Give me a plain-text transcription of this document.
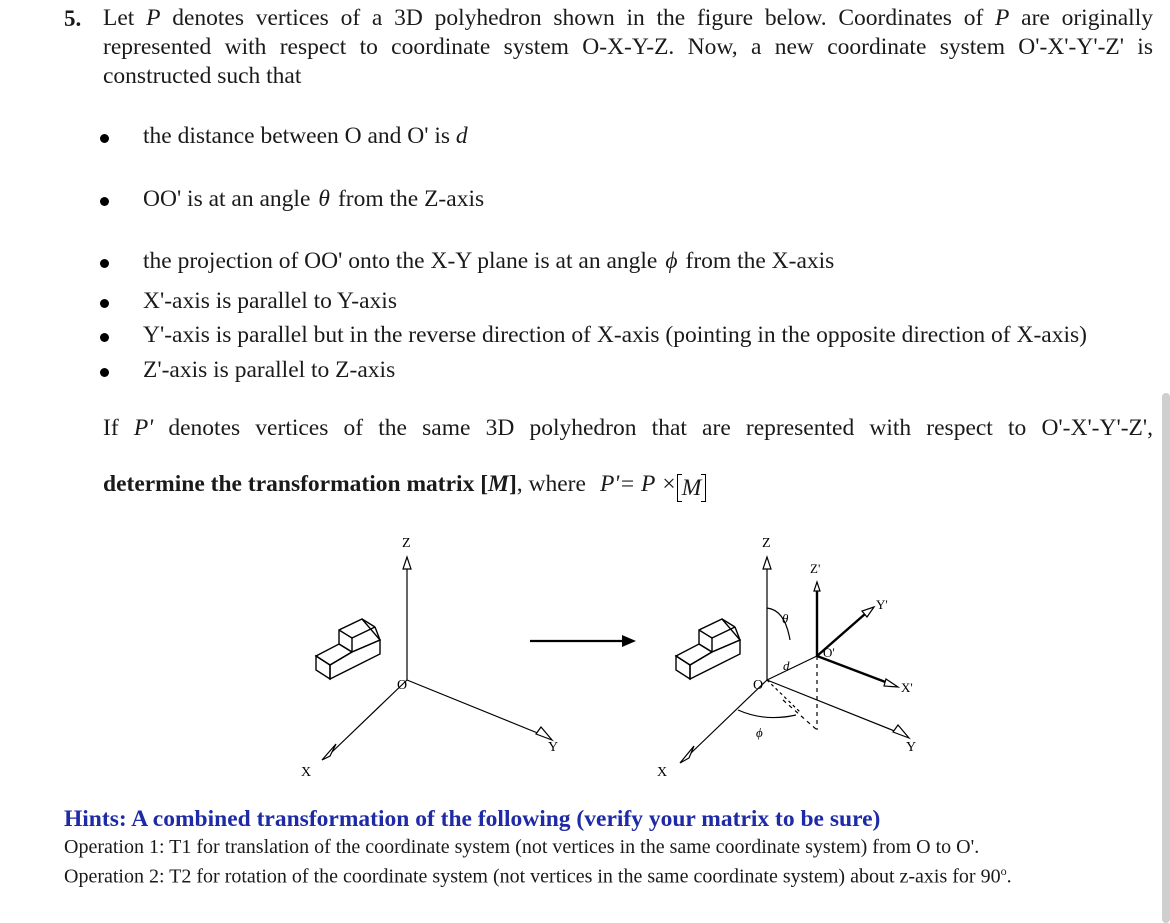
5. Let P denotes vertices of a 3D polyhedron shown in the figure below. Coordinates of P are originally represented with respect to coordinate system O-X-Y-Z. Now, a new coordinate system O'-X'-Y'-Z' is constructed such that
the distance between O and O' is d
OO' is at an angle θ from the Z-axis
the projection of OO' onto the X-Y plane is at an angle ϕ from the X-axis
X'-axis is parallel to Y-axis
Y'-axis is parallel but in the reverse direction of X-axis (pointing in the opposite direction of X-axis)
Z'-axis is parallel to Z-axis
If P' denotes vertices of the same 3D polyhedron that are represented with respect to O'-X'-Y'-Z',
determine the transformation matrix [M], where P'= P × M
Z
O
X
Y
Z
Z'
Y'
X'
O'
θ
d
ϕ
O
X
Y
Hints: A combined transformation of the following (verify your matrix to be sure)
Operation 1: T1 for translation of the coordinate system (not vertices in the same coordinate system) from O to O'.
Operation 2: T2 for rotation of the coordinate system (not vertices in the same coordinate system) about z-axis for 90$^o$.
